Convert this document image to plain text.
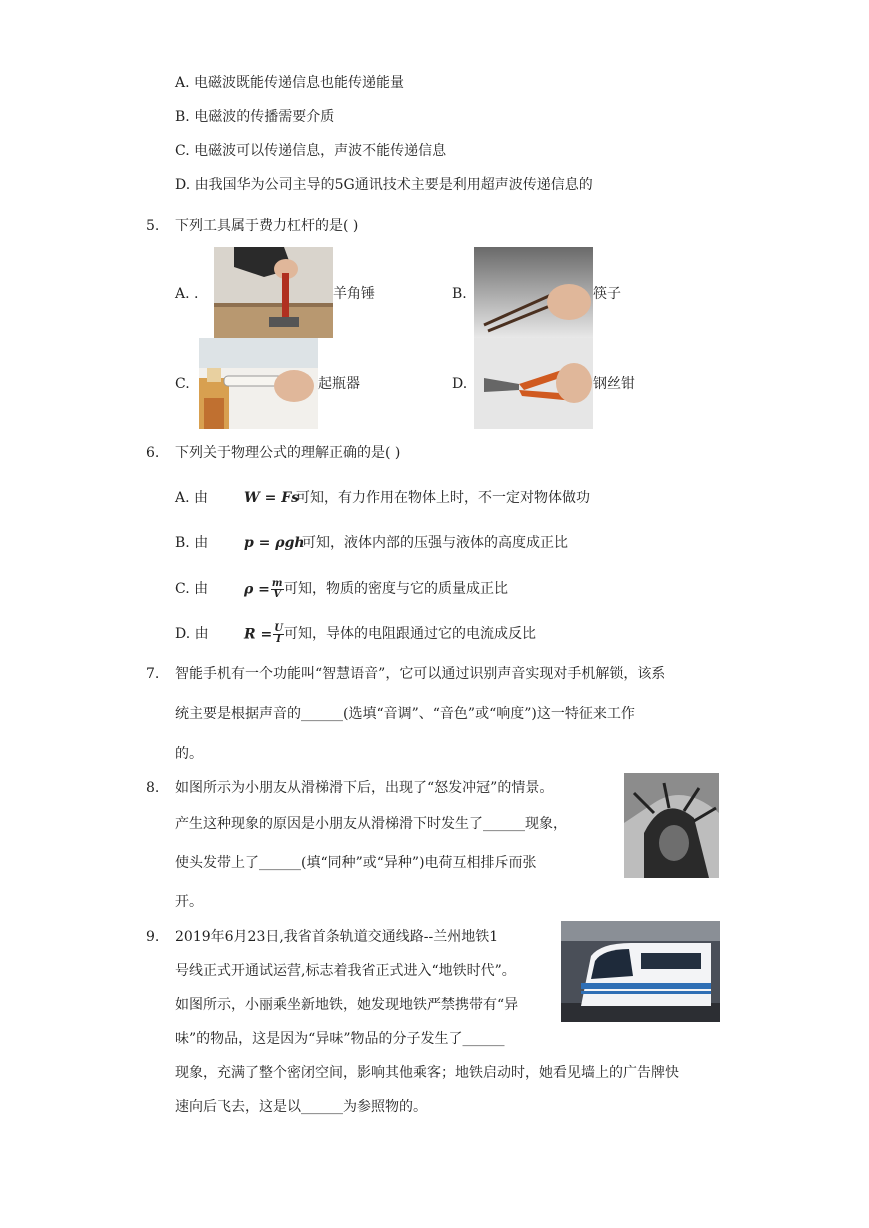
A. 电磁波既能传递信息也能传递能量
B. 电磁波的传播需要介质
C. 电磁波可以传递信息，声波不能传递信息
D. 由我国华为公司主导的5G通讯技术主要是利用超声波传递信息的
5. 下列工具属于费力杠杆的是( )
A. .	羊角锤	B.	筷子
C.	起瓶器	D.	钢丝钳
6. 下列关于物理公式的理解正确的是( )
A. 由	W = Fs
可知，有力作用在物体上时，不一定对物体做功
B. 由	p = ρgh
可知，液体内部的压强与液体的高度成正比
C. 由	$\rho = \frac{m}{V}$ 可知，物质的密度与它的质量成正比
D. 由	$R = \frac{U}{I}$ 可知，导体的电阻跟通过它的电流成反比
7. 智能手机有一个功能叫“智慧语音”，它可以通过识别声音实现对手机解锁，该系
统主要是根据声音的______(选填“音调”、“音色”或“响度”)这一特征来工作
的。
8. 如图所示为小朋友从滑梯滑下后，出现了“怒发冲冠”的情景。
产生这种现象的原因是小朋友从滑梯滑下时发生了______现象，
使头发带上了______(填“同种”或“异种”)电荷互相排斥而张
开。
9. 2019年6月23日,我省首条轨道交通线路--兰州地铁1
号线正式开通试运营,标志着我省正式进入“地铁时代”。
如图所示，小丽乘坐新地铁，她发现地铁严禁携带有“异
味”的物品，这是因为“异味”物品的分子发生了______
现象，充满了整个密闭空间，影响其他乘客；地铁启动时，她看见墙上的广告牌快
速向后飞去，这是以______为参照物的。
